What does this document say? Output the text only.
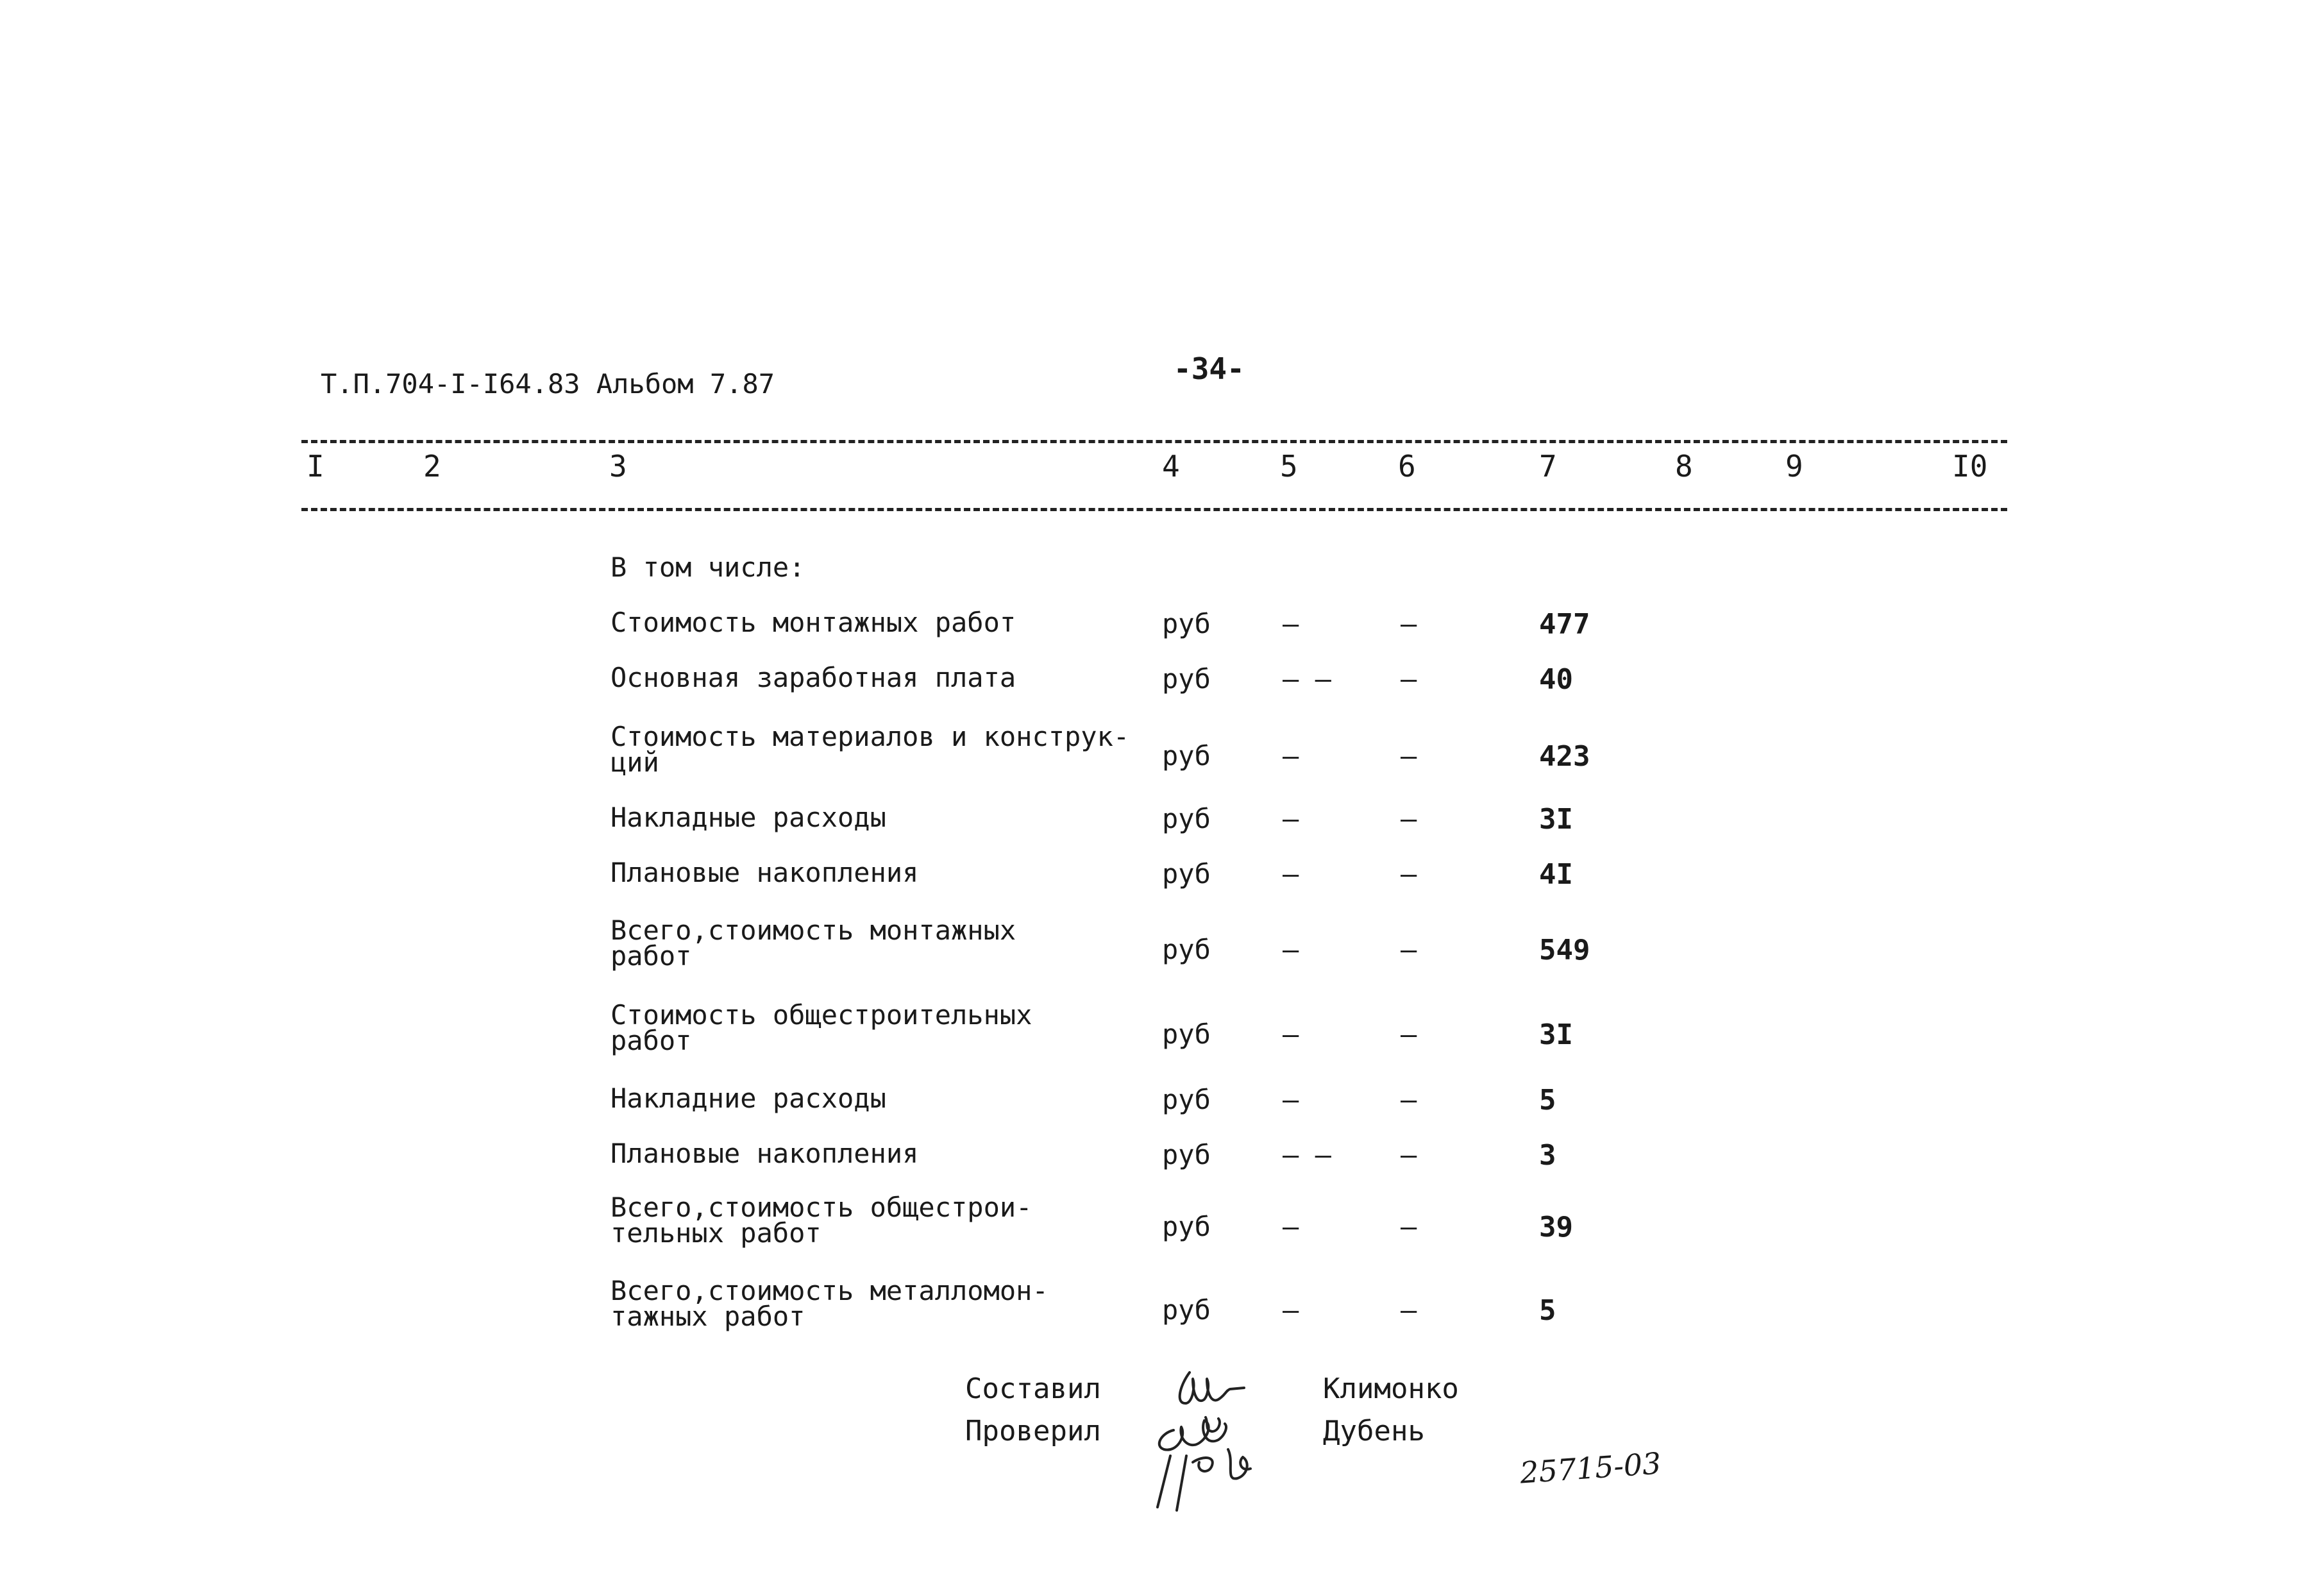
Т.П.704-I-I64.83 Альбом 7.87	-34-
I	2	3	4	5	6	7	8	9	I0
В том числе:
Стоимость монтажных работ	руб	–	–	477
Основная заработная плата	руб	– –	–	40
Стоимость материалов и конструк-
ций	руб	–	–	423
Накладные расходы	руб	–	–	3I
Плановые накопления	руб	–	–	4I
Всего,стоимость монтажных
работ	руб	–	–	549
Стоимость общестроительных
работ	руб	–	–	3I
Накладние расходы	руб	–	–	5
Плановые накопления	руб	– –	–	3
Всего,стоимость общестрои-
тельных работ	руб	–	–	39
Всего,стоимость металломон-
тажных работ	руб	–	–	5
Составил	Климонко
Проверил	Дубень
25715-03
